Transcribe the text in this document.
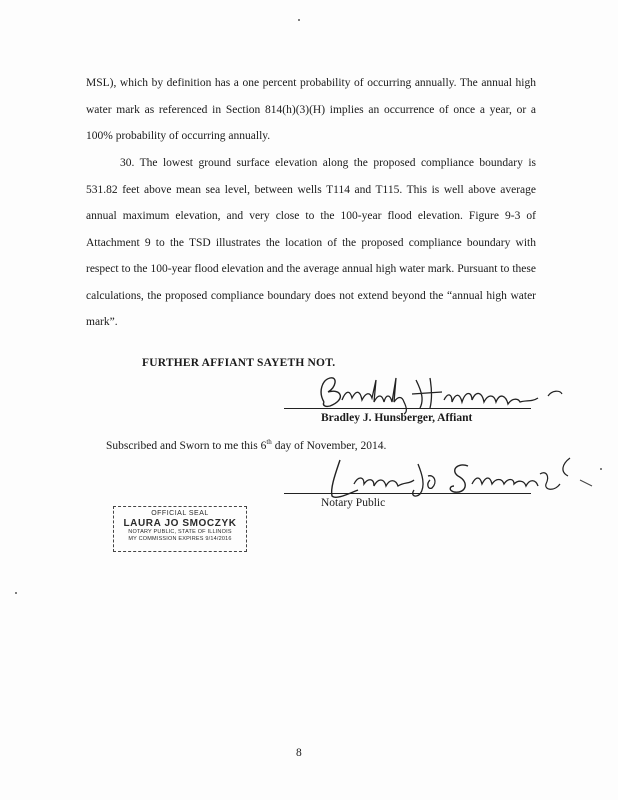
MSL), which by definition has a one percent probability of occurring annually. The annual high water mark as referenced in Section 814(h)(3)(H) implies an occurrence of once a year, or a 100% probability of occurring annually.

30. The lowest ground surface elevation along the proposed compliance boundary is 531.82 feet above mean sea level, between wells T114 and T115. This is well above average annual maximum elevation, and very close to the 100-year flood elevation. Figure 9-3 of Attachment 9 to the TSD illustrates the location of the proposed compliance boundary with respect to the 100-year flood elevation and the average annual high water mark. Pursuant to these calculations, the proposed compliance boundary does not extend beyond the “annual high water mark”.

FURTHER AFFIANT SAYETH NOT.
Bradley J. Hunsberger, Affiant
Subscribed and Sworn to me this 6th day of November, 2014.
Notary Public
OFFICIAL SEAL
LAURA JO SMOCZYK
NOTARY PUBLIC, STATE OF ILLINOIS
MY COMMISSION EXPIRES 9/14/2016
8
